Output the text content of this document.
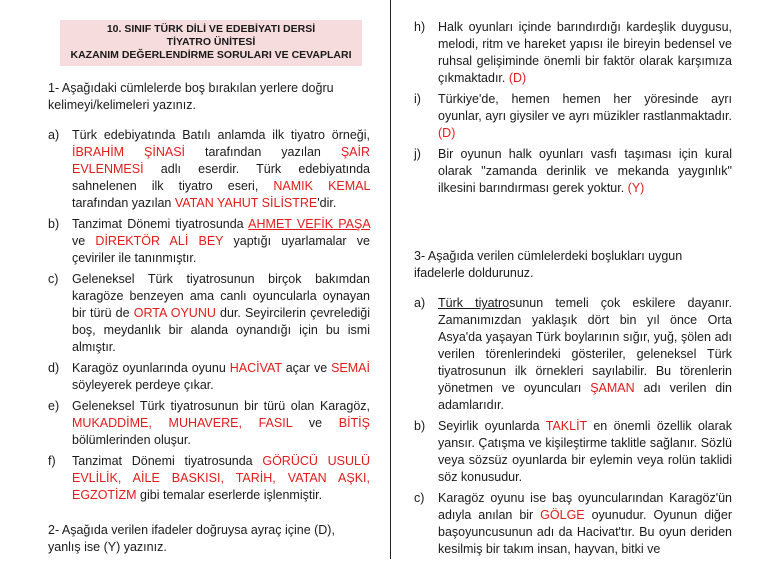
10. SINIF TÜRK DİLİ VE EDEBİYATI DERSİ
TİYATRO ÜNİTESİ
KAZANIM DEĞERLENDİRME SORULARI VE CEVAPLARI

1- Aşağıdaki cümlelerde boş bırakılan yerlere doğru kelimeyi/kelimeleri yazınız.

a)	Türk edebiyatında Batılı anlamda ilk tiyatro örneği, İBRAHİM ŞİNASİ tarafından yazılan ŞAİR EVLENMESİ adlı eserdir. Türk edebiyatında sahnelenen ilk tiyatro eseri, NAMIK KEMAL tarafından yazılan VATAN YAHUT SİLİSTRE'dir.
b)	Tanzimat Dönemi tiyatrosunda AHMET VEFİK PAŞA ve DİREKTÖR ALİ BEY yaptığı uyarlamalar ve çeviriler ile tanınmıştır.
c)	Geleneksel Türk tiyatrosunun birçok bakımdan karagöze benzeyen ama canlı oyuncularla oynayan bir türü de ORTA OYUNU dur. Seyircilerin çevrelediği boş, meydanlık bir alanda oynandığı için bu ismi almıştır.
d)	Karagöz oyunlarında oyunu HACİVAT açar ve SEMAİ söyleyerek perdeye çıkar.
e)	Geleneksel Türk tiyatrosunun bir türü olan Karagöz, MUKADDİME, MUHAVERE, FASIL ve BİTİŞ bölümlerinden oluşur.
f)	Tanzimat Dönemi tiyatrosunda GÖRÜCÜ USULÜ EVLİLİK, AİLE BASKISI, TARİH, VATAN AŞKI, EGZOTİZM gibi temalar eserlerde işlenmiştir.

2- Aşağıda verilen ifadeler doğruysa ayraç içine (D), yanlış ise (Y) yazınız.

h)	Halk oyunları içinde barındırdığı kardeşlik duygusu, melodi, ritm ve hareket yapısı ile bireyin bedensel ve ruhsal gelişiminde önemli bir faktör olarak karşımıza çıkmaktadır. (D)
i)	Türkiye'de, hemen hemen her yöresinde ayrı oyunlar, ayrı giysiler ve ayrı müzikler rastlanmaktadır. (D)
j)	Bir oyunun halk oyunları vasfı taşıması için kural olarak "zamanda derinlik ve mekanda yaygınlık" ilkesini barındırması gerek yoktur. (Y)

3- Aşağıda verilen cümlelerdeki boşlukları uygun ifadelerle doldurunuz.

a)	Türk tiyatrosunun temeli çok eskilere dayanır. Zamanımızdan yaklaşık dört bin yıl önce Orta Asya'da yaşayan Türk boylarının sığır, yuğ, şölen adı verilen törenlerindeki gösteriler, geleneksel Türk tiyatrosunun ilk örnekleri sayılabilir. Bu törenlerin yönetmen ve oyuncuları ŞAMAN adı verilen din adamlarıdır.
b)	Seyirlik oyunlarda TAKLİT en önemli özellik olarak yansır. Çatışma ve kişileştirme taklitle sağlanır. Sözlü veya sözsüz oyunlarda bir eylemin veya rolün taklidi söz konusudur.
c)	Karagöz oyunu ise baş oyuncularından Karagöz'ün adıyla anılan bir GÖLGE oyunudur. Oyunun diğer başoyuncusunun adı da Hacivat'tır. Bu oyun deriden kesilmiş bir takım insan, hayvan, bitki ve
